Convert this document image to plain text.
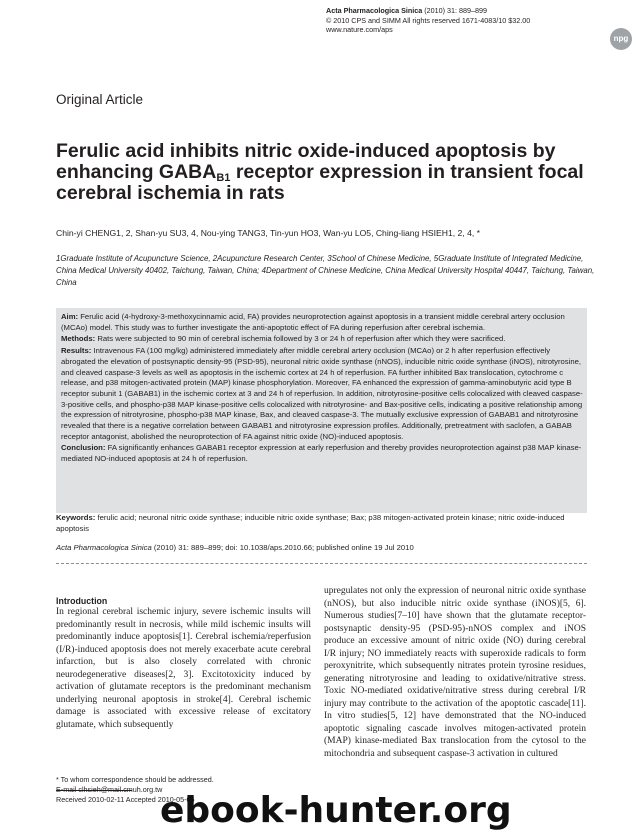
Acta Pharmacologica Sinica (2010) 31: 889–899
© 2010 CPS and SIMM All rights reserved 1671-4083/10 $32.00
www.nature.com/aps
npg
Original Article
Ferulic acid inhibits nitric oxide-induced apoptosis by enhancing $GABA_{B1}$ receptor expression in transient focal cerebral ischemia in rats
Chin-yi CHENG1, 2, Shan-yu SU3, 4, Nou-ying TANG3, Tin-yun HO3, Wan-yu LO5, Ching-liang HSIEH1, 2, 4, *
1Graduate Institute of Acupuncture Science, 2Acupuncture Research Center, 3School of Chinese Medicine, 5Graduate Institute of Integrated Medicine, China Medical University 40402, Taichung, Taiwan, China; 4Department of Chinese Medicine, China Medical University Hospital 40447, Taichung, Taiwan, China

Aim: Ferulic acid (4-hydroxy-3-methoxycinnamic acid, FA) provides neuroprotection against apoptosis in a transient middle cerebral artery occlusion (MCAo) model. This study was to further investigate the anti-apoptotic effect of FA during reperfusion after cerebral ischemia.

Methods: Rats were subjected to 90 min of cerebral ischemia followed by 3 or 24 h of reperfusion after which they were sacrificed.

Results: Intravenous FA (100 mg/kg) administered immediately after middle cerebral artery occlusion (MCAo) or 2 h after reperfusion effectively abrogated the elevation of postsynaptic density-95 (PSD-95), neuronal nitric oxide synthase (nNOS), inducible nitric oxide synthase (iNOS), nitrotyrosine, and cleaved caspase-3 levels as well as apoptosis in the ischemic cortex at 24 h of reperfusion. FA further inhibited Bax translocation, cytochrome c release, and p38 mitogen-activated protein (MAP) kinase phosphorylation. Moreover, FA enhanced the expression of gamma-aminobutyric acid type B receptor subunit 1 (GABAB1) in the ischemic cortex at 3 and 24 h of reperfusion. In addition, nitrotyrosine-positive cells colocalized with cleaved caspase-3-positive cells, and phospho-p38 MAP kinase-positive cells colocalized with nitrotyrosine- and Bax-positive cells, indicating a positive relationship among the expression of nitrotyrosine, phospho-p38 MAP kinase, Bax, and cleaved caspase-3. The mutually exclusive expression of GABAB1 and nitrotyrosine revealed that there is a negative correlation between GABAB1 and nitrotyrosine expression profiles. Additionally, pretreatment with saclofen, a GABAB receptor antagonist, abolished the neuroprotection of FA against nitric oxide (NO)-induced apoptosis.

Conclusion: FA significantly enhances GABAB1 receptor expression at early reperfusion and thereby provides neuroprotection against p38 MAP kinase-mediated NO-induced apoptosis at 24 h of reperfusion.

Keywords: ferulic acid; neuronal nitric oxide synthase; inducible nitric oxide synthase; Bax; p38 mitogen-activated protein kinase; nitric oxide-induced apoptosis
Acta Pharmacologica Sinica (2010) 31: 889–899; doi: 10.1038/aps.2010.66; published online 19 Jul 2010
Introduction

In regional cerebral ischemic injury, severe ischemic insults will predominantly result in necrosis, while mild ischemic insults will predominantly induce apoptosis[1]. Cerebral ischemia/reperfusion (I/R)-induced apoptosis does not merely exacerbate acute cerebral infarction, but is also closely correlated with chronic neurodegenerative diseases[2, 3]. Excitotoxicity induced by activation of glutamate receptors is the predominant mechanism underlying neuronal apoptosis in stroke[4]. Cerebral ischemic damage is associated with excessive release of excitatory glutamate, which subsequently

upregulates not only the expression of neuronal nitric oxide synthase (nNOS), but also inducible nitric oxide synthase (iNOS)[5, 6]. Numerous studies[7–10] have shown that the glutamate receptor-postsynaptic density-95 (PSD-95)-nNOS complex and iNOS produce an excessive amount of nitric oxide (NO) during cerebral I/R injury; NO immediately reacts with superoxide radicals to form peroxynitrite, which subsequently nitrates protein tyrosine residues, generating nitrotyrosine and leading to oxidative/nitrative stress. Toxic NO-mediated oxidative/nitrative stress during cerebral I/R injury may contribute to the activation of the apoptotic cascade[11]. In vitro studies[5, 12] have demonstrated that the NO-induced apoptotic signaling cascade involves mitogen-activated protein (MAP) kinase-mediated Bax translocation from the cytosol to the mitochondria and subsequent caspase-3 activation in cultured

* To whom correspondence should be addressed.
E-mail clhsieh@mail.cmuh.org.tw
Received 2010-02-11 Accepted 2010-05-06
ebook-hunter.org
